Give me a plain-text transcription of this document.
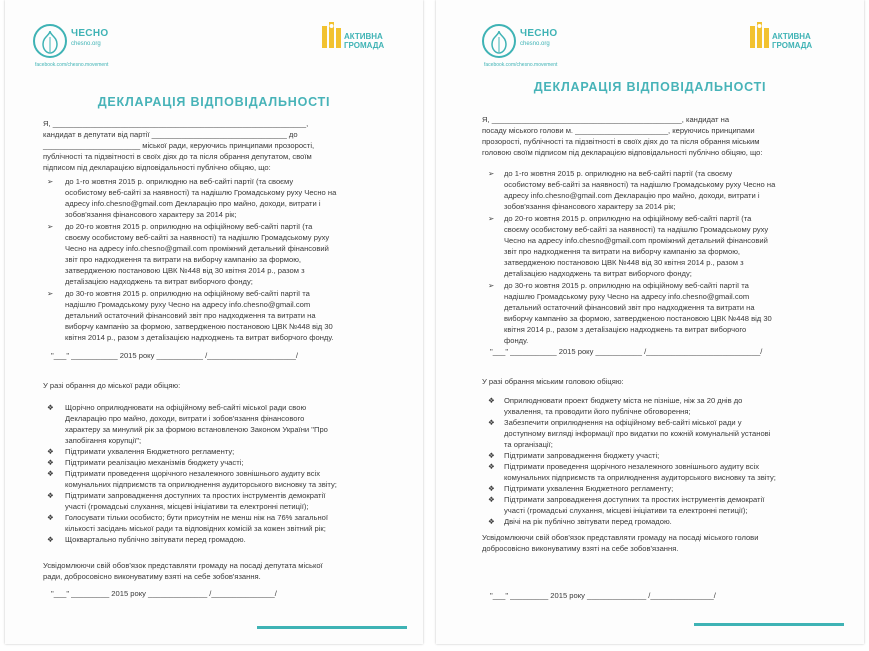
ЧЕСНО
chesno.org
facebook.com/chesno.movement
АКТИВНА ГРОМАДА
ДЕКЛАРАЦІЯ ВІДПОВІДАЛЬНОСТІ
Я, ____________________________________________________________,
кандидат в депутати від партії ________________________________ до
_______________________ міської ради, керуючись принципами прозорості,
публічності та підзвітності в своїх діях до та після обрання депутатом, своїм
підписом під декларацією відповідальності публічно обіцяю, що:
➢ до 1-го жовтня 2015 р. оприлюдню на веб-сайті партії (та своєму
особистому веб-сайті за наявності) та надішлю Громадському руху Чесно на
адресу info.chesno@gmail.com Декларацію про майно, доходи, витрати і
зобов'язання фінансового характеру за 2014 рік;
➢ до 20-го жовтня 2015 р. оприлюдню на офіційному веб-сайті партії (та
своєму особистому веб-сайті за наявності) та надішлю Громадському руху
Чесно на адресу info.chesno@gmail.com проміжний детальний фінансовий
звіт про надходження та витрати на виборчу кампанію за формою,
затвердженою постановою ЦВК №448 від 30 квітня 2014 р., разом з
детalізацією надходжень та витрат виборчого фонду;
➢ до 30-го жовтня 2015 р. оприлюдню на офіційному веб-сайті партії та
надішлю Громадському руху Чесно на адресу info.chesno@gmail.com
детальний остаточний фінансовий звіт про надходження та витрати на
виборчу кампанію за формою, затвердженою постановою ЦВК №448 від 30
квітня 2014 р., разом з детalізацією надходжень та витрат виборчого фонду.
"___" ___________ 2015 року ___________ /_____________________/
У разі обрання до міської ради обіцяю:
❖ Щорічно оприлюднювати на офіційному веб-сайті міської ради свою
Декларацію про майно, доходи, витрати і зобов'язання фінансового
характеру за минулий рік за формою встановленою Законом України "Про
запобігання корупції";
❖ Підтримати ухвалення Бюджетного регламенту;
❖ Підтримати реалізацію механізмів бюджету участі;
❖ Підтримати проведення щорічного незалежного зовнішнього аудиту всіх
комунальних підприємств та оприлюднення аудиторського висновку та звіту;
❖ Підтримати запровадження доступних та простих інструментів демократії
участі (громадські слухання, місцеві ініціативи та електронні петиції);
❖ Голосувати тільки особисто; бути присутнім не менш ніж на 76% загальної
кількості засідань міської ради та відповідних комісій за кожен звітний рік;
❖ Щоквартально публічно звітувати перед громадою.
Усвідомлюючи свій обов'язок представляти громаду на посаді депутата міської
ради, добросовісно виконуватиму взяті на себе зобов'язання.
"___" _________ 2015 року ______________ /_______________/
ЧЕСНО
chesno.org
facebook.com/chesno.movement
АКТИВНА ГРОМАДА
ДЕКЛАРАЦІЯ ВІДПОВІДАЛЬНОСТІ
Я, _____________________________________________, кандидат на
посаду міського голови м. ______________________, керуючись принципами
прозорості, публічності та підзвітності в своїх діях до та після обрання міським
головою своїм підписом під декларацією відповідальності публічно обіцяю, що:
➢ до 1-го жовтня 2015 р. оприлюдню на веб-сайті партії (та своєму
особистому веб-сайті за наявності) та надішлю Громадському руху Чесно на
адресу info.chesno@gmail.com Декларацію про майно, доходи, витрати і
зобов'язання фінансового характеру за 2014 рік;
➢ до 20-го жовтня 2015 р. оприлюдню на офіційному веб-сайті партії (та
своєму особистому веб-сайті за наявності) та надішлю Громадському руху
Чесно на адресу info.chesno@gmail.com проміжний детальний фінансовий
звіт про надходження та витрати на виборчу кампанію за формою,
затвердженою постановою ЦВК №448 від 30 квітня 2014 р., разом з
детalізацією надходжень та витрат виборчого фонду;
➢ до 30-го жовтня 2015 р. оприлюдню на офіційному веб-сайті партії та
надішлю Громадському руху Чесно на адресу info.chesno@gmail.com
детальний остаточний фінансовий звіт про надходження та витрати на
виборчу кампанію за формою, затвердженою постановою ЦВК №448 від 30
квітня 2014 р., разом з детalізацією надходжень та витрат виборчого
фонду.
"___" ___________ 2015 року ___________ /___________________________/
У разі обрання міським головою обіцяю:
❖ Оприлюднювати проект бюджету міста не пізніше, ніж за 20 днів до
ухвалення, та проводити його публічне обговорення;
❖ Забезпечити оприлюднення на офіційному веб-сайті міської ради у
доступному вигляді інформації про видатки по кожній комунальній установі
та організації;
❖ Підтримати запровадження бюджету участі;
❖ Підтримати проведення щорічного незалежного зовнішнього аудиту всіх
комунальних підприємств та оприлюднення аудиторського висновку та звіту;
❖ Підтримати ухвалення Бюджетного регламенту;
❖ Підтримати запровадження доступних та простих інструментів демократії
участі (громадські слухання, місцеві ініціативи та електронні петиції);
❖ Двічі на рік публічно звітувати перед громадою.
Усвідомлюючи свій обов'язок представляти громаду на посаді міського голови
добросовісно виконуватиму взяті на себе зобов'язання.
"___" _________ 2015 року ______________ /_______________/
